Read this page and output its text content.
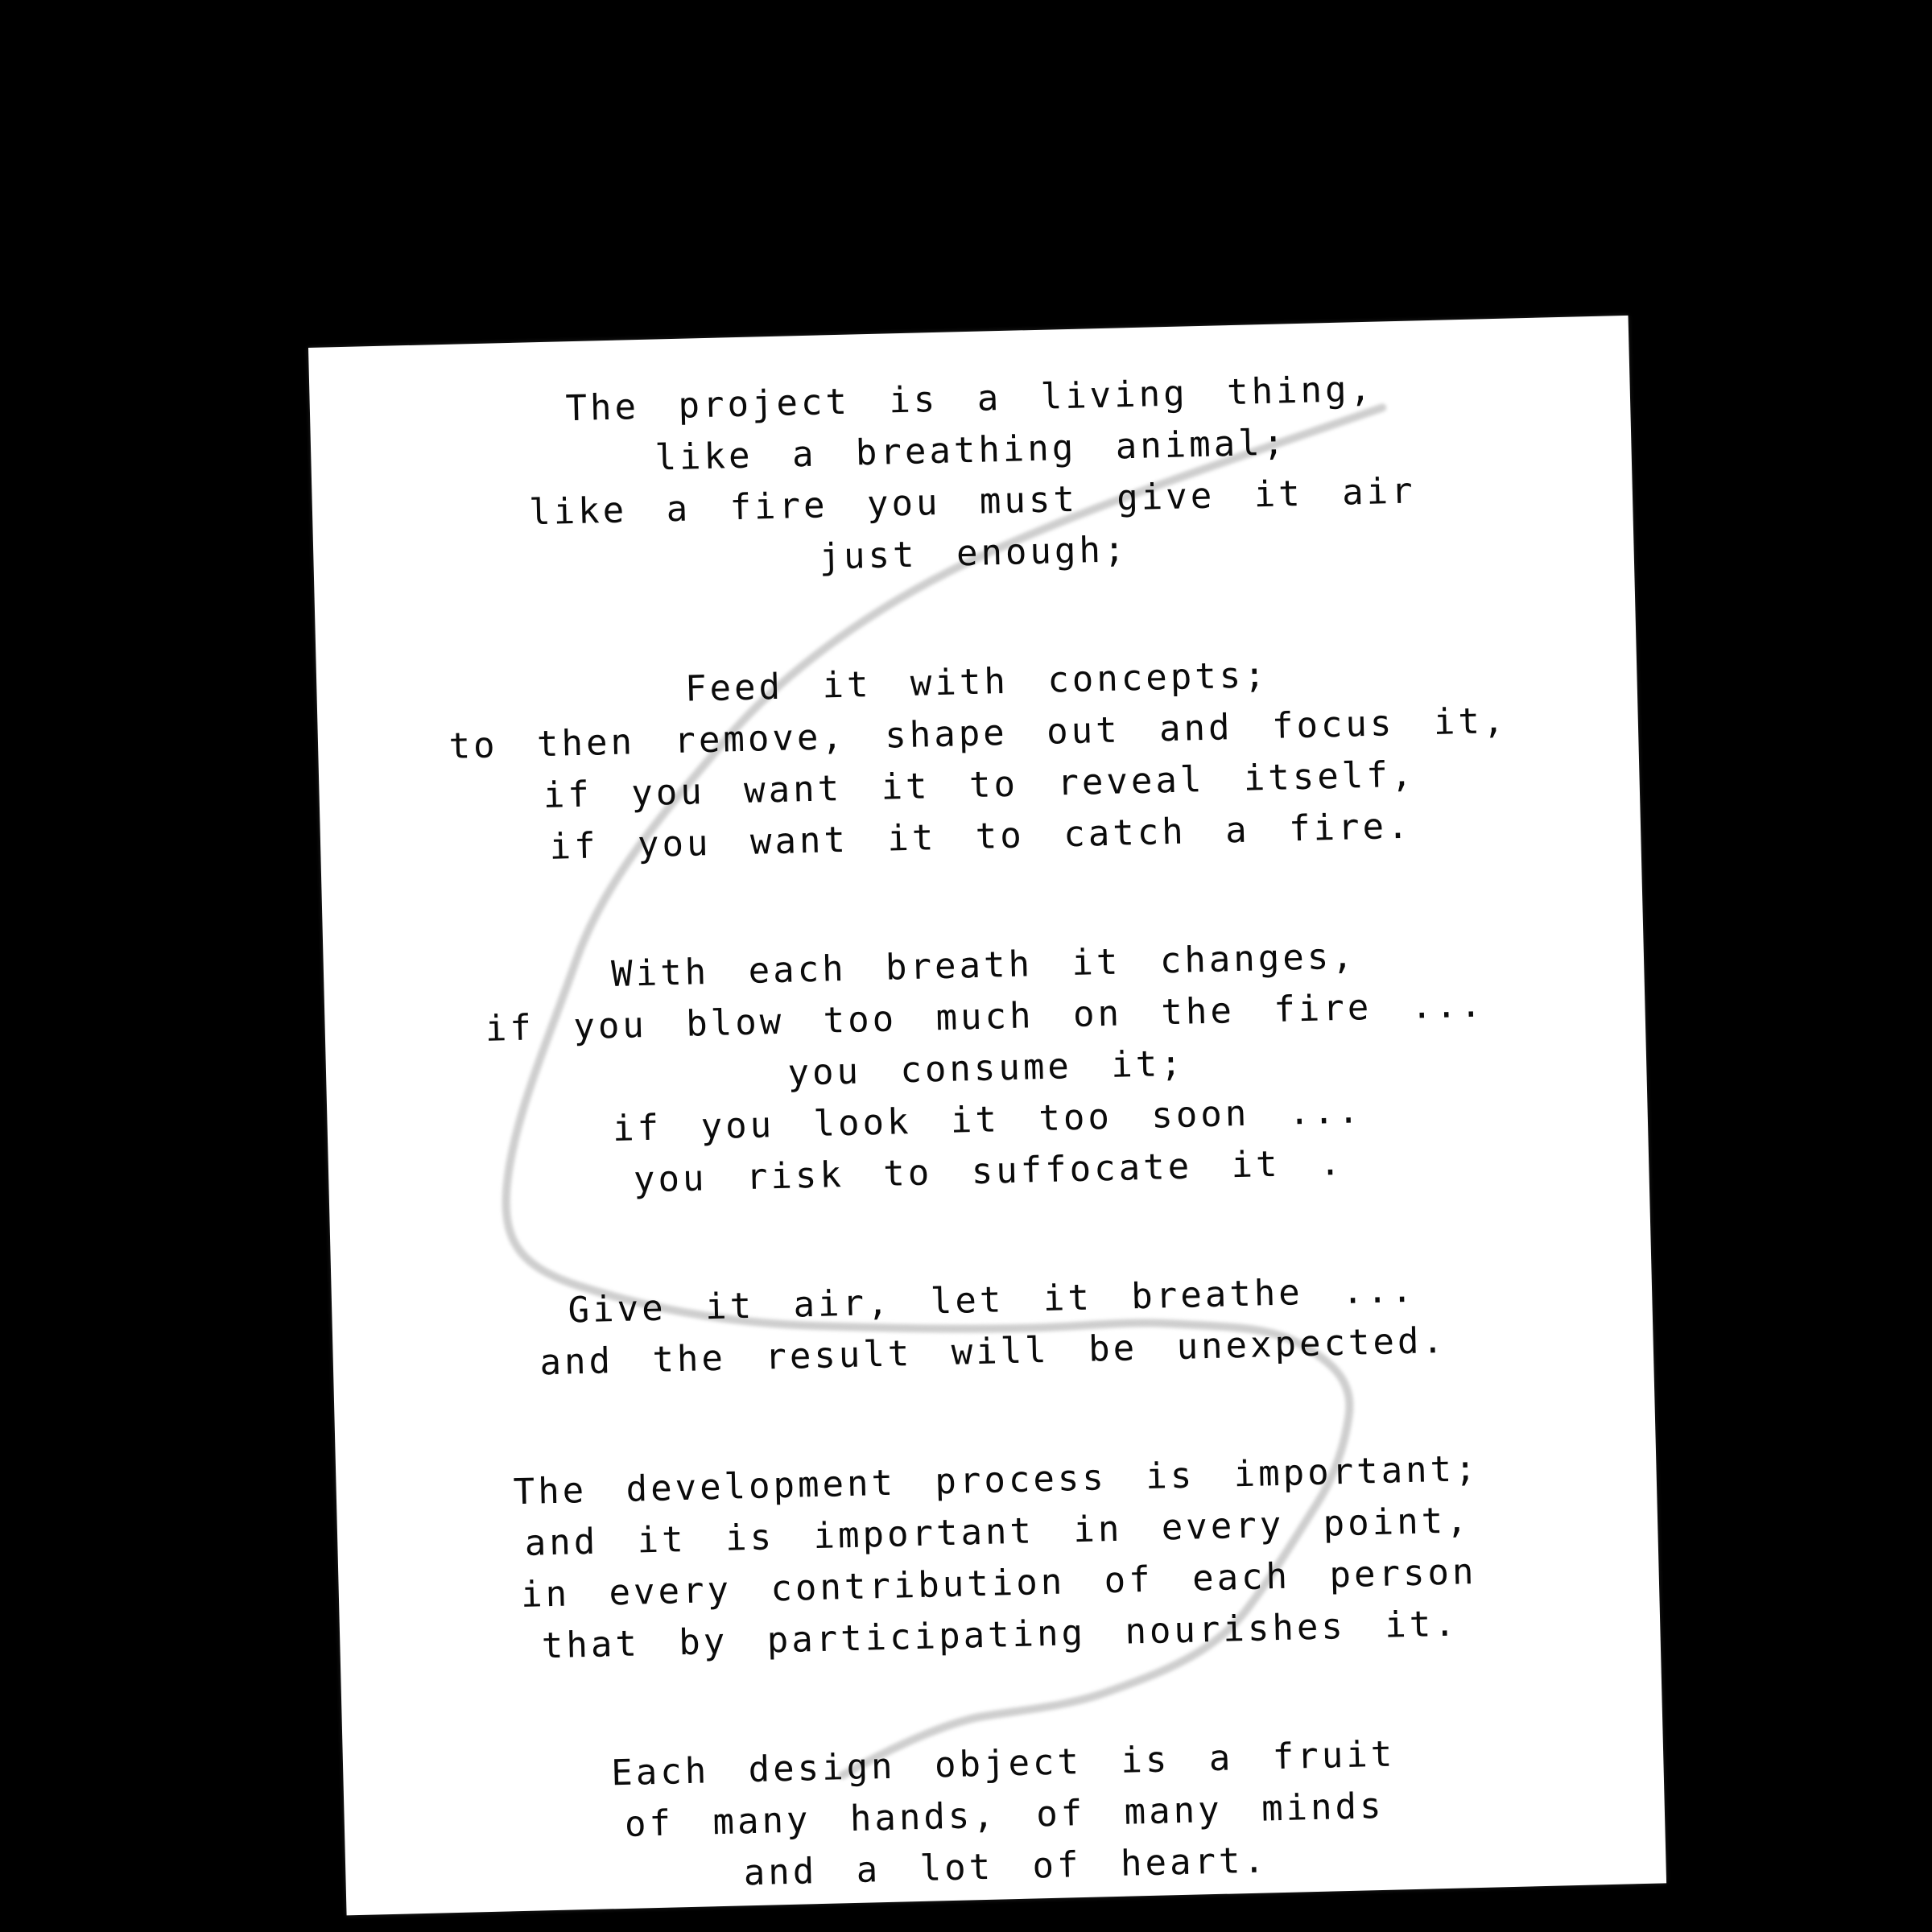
The project is a living thing,
like a breathing animal;
like a fire you must give it air
just enough;
Feed it with concepts;
to then remove, shape out and focus it,
if you want it to reveal itself,
if you want it to catch a fire.
With each breath it changes,
if you blow too much on the fire ...
you consume it;
if you look it too soon ...
you risk to suffocate it .
Give it air, let it breathe ...
and the result will be unexpected.
The development process is important;
and it is important in every point,
in every contribution of each person
that by participating nourishes it.
Each design object is a fruit
of many hands, of many minds
and a lot of heart.
